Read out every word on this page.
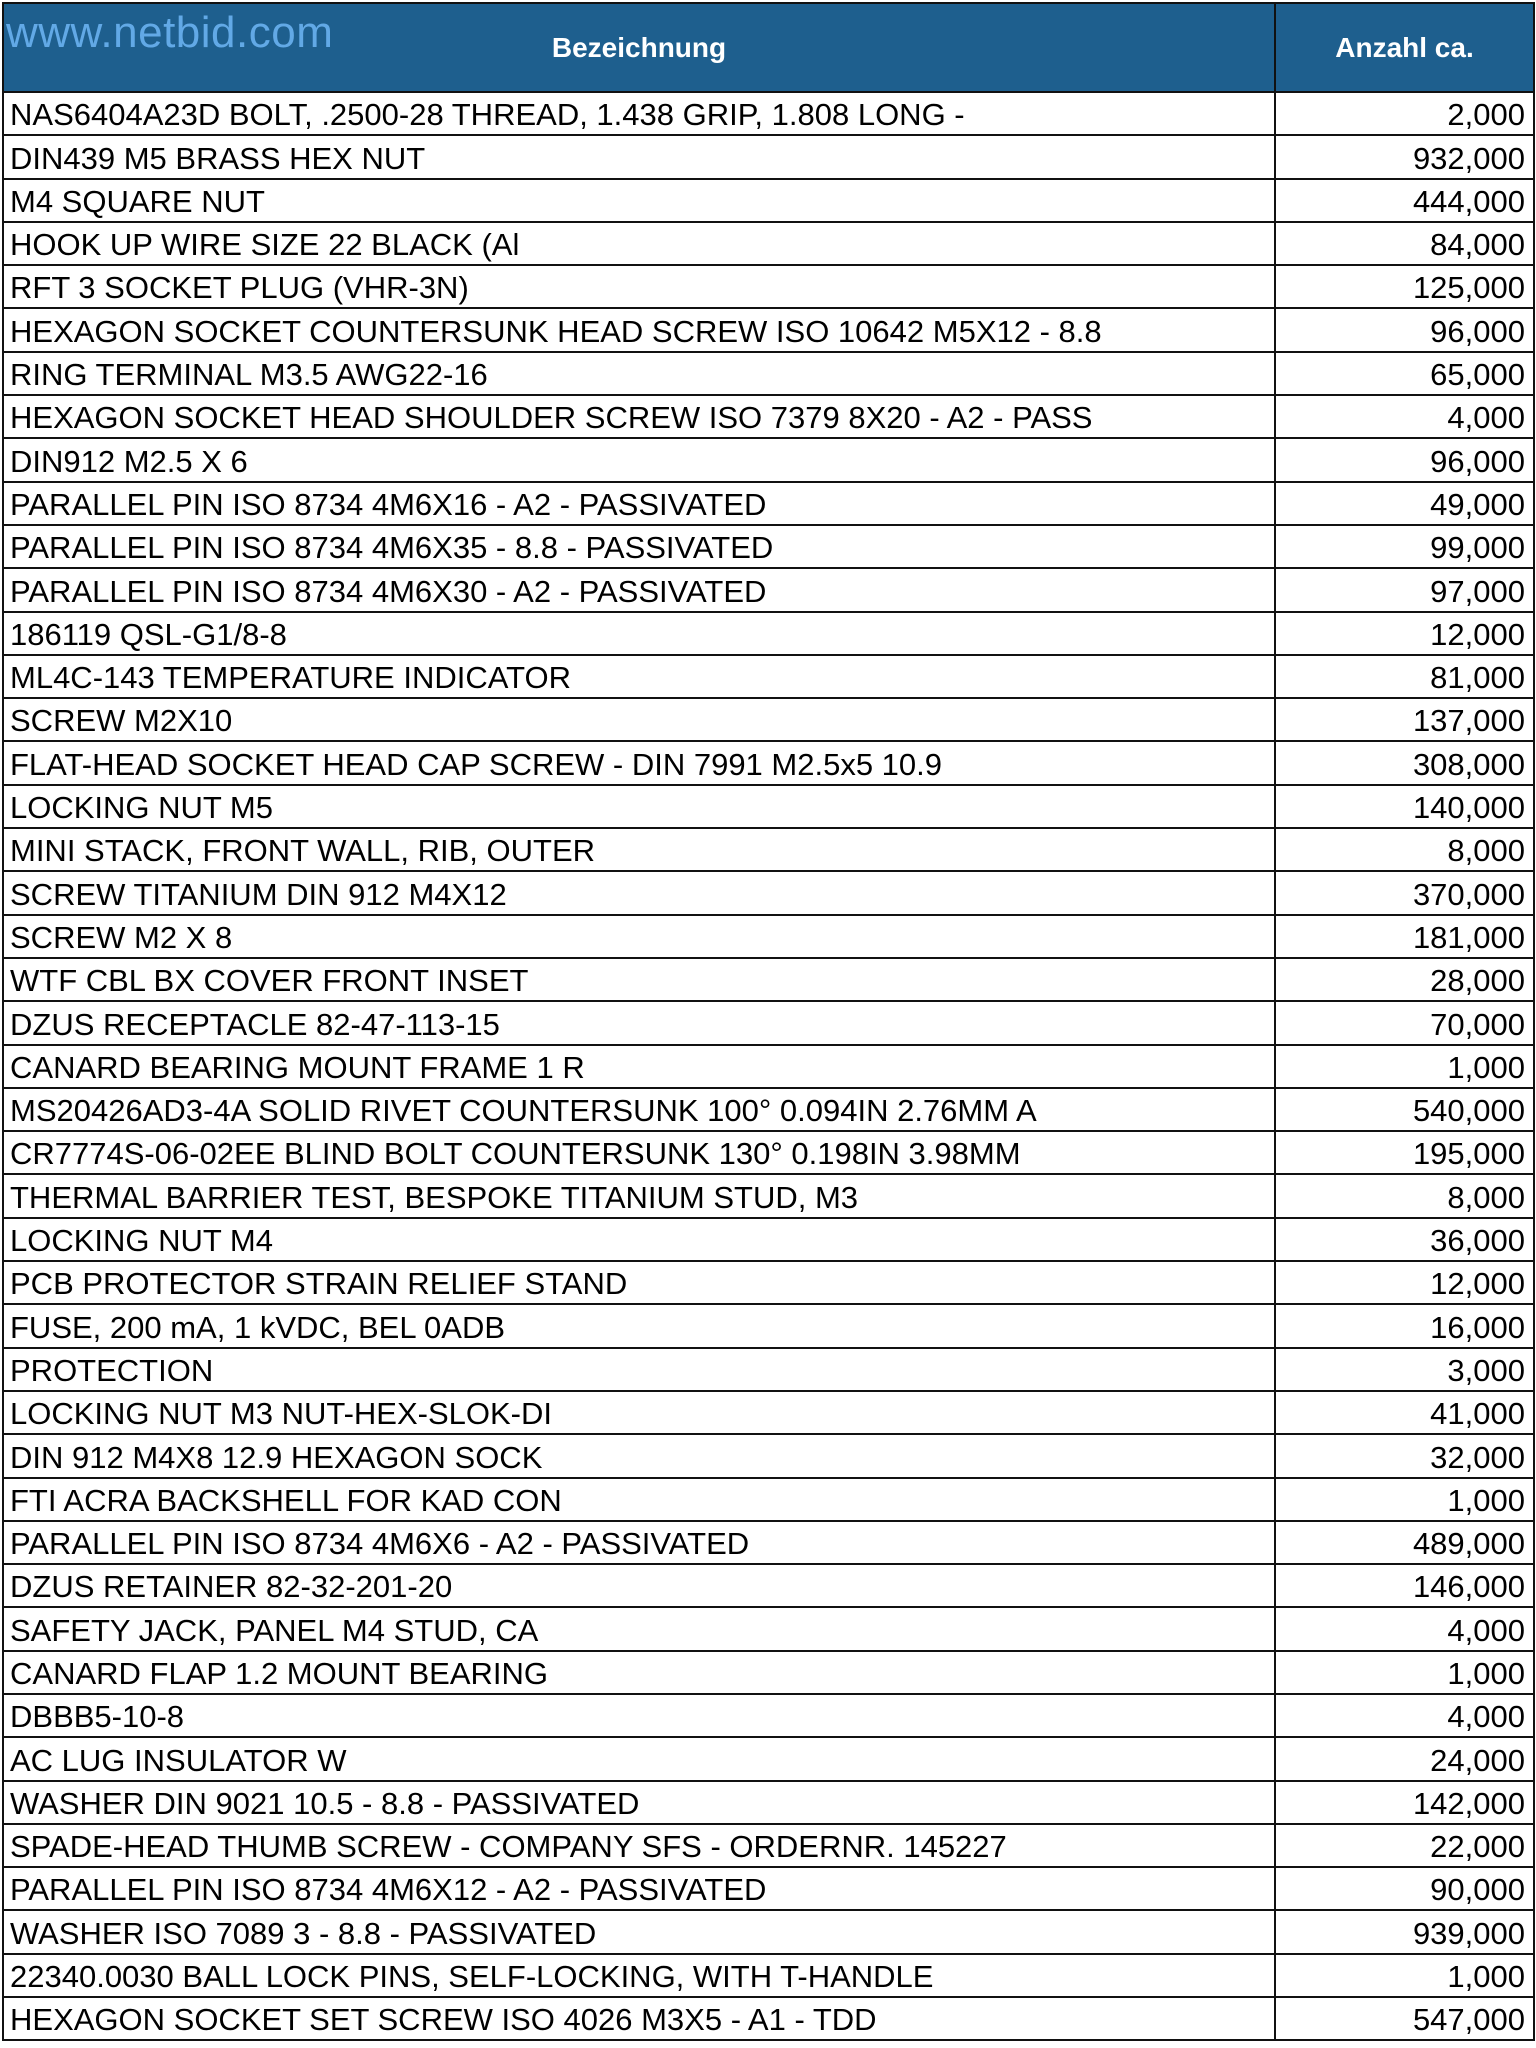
www.netbid.com	Bezeichnung	Anzahl ca.
NAS6404A23D BOLT, .2500-28 THREAD, 1.438 GRIP, 1.808 LONG -	2,000
DIN439 M5 BRASS HEX NUT	932,000
M4 SQUARE NUT	444,000
HOOK UP WIRE SIZE 22 BLACK (Al	84,000
RFT 3 SOCKET PLUG (VHR-3N)	125,000
HEXAGON SOCKET COUNTERSUNK HEAD SCREW ISO 10642 M5X12 - 8.8	96,000
RING TERMINAL M3.5 AWG22-16	65,000
HEXAGON SOCKET HEAD SHOULDER SCREW ISO 7379 8X20 - A2 - PASS	4,000
DIN912 M2.5 X 6	96,000
PARALLEL PIN ISO 8734 4M6X16 - A2 - PASSIVATED	49,000
PARALLEL PIN ISO 8734 4M6X35 - 8.8 - PASSIVATED	99,000
PARALLEL PIN ISO 8734 4M6X30 - A2 - PASSIVATED	97,000
186119 QSL-G1/8-8	12,000
ML4C-143 TEMPERATURE INDICATOR	81,000
SCREW M2X10	137,000
FLAT-HEAD SOCKET HEAD CAP SCREW - DIN 7991 M2.5x5 10.9	308,000
LOCKING NUT M5	140,000
MINI STACK, FRONT WALL, RIB, OUTER	8,000
SCREW TITANIUM DIN 912 M4X12	370,000
SCREW M2 X 8	181,000
WTF CBL BX COVER FRONT INSET	28,000
DZUS RECEPTACLE 82-47-113-15	70,000
CANARD BEARING MOUNT FRAME 1 R	1,000
MS20426AD3-4A SOLID RIVET COUNTERSUNK 100° 0.094IN 2.76MM A	540,000
CR7774S-06-02EE BLIND BOLT COUNTERSUNK 130° 0.198IN 3.98MM	195,000
THERMAL BARRIER TEST, BESPOKE TITANIUM STUD, M3	8,000
LOCKING NUT M4	36,000
PCB PROTECTOR STRAIN RELIEF STAND	12,000
FUSE, 200 mA, 1 kVDC, BEL 0ADB	16,000
PROTECTION	3,000
LOCKING NUT M3 NUT-HEX-SLOK-DI	41,000
DIN 912 M4X8 12.9 HEXAGON SOCK	32,000
FTI ACRA BACKSHELL FOR KAD CON	1,000
PARALLEL PIN ISO 8734 4M6X6 - A2 - PASSIVATED	489,000
DZUS RETAINER 82-32-201-20	146,000
SAFETY JACK, PANEL M4 STUD, CA	4,000
CANARD FLAP 1.2 MOUNT BEARING	1,000
DBBB5-10-8	4,000
AC LUG INSULATOR W	24,000
WASHER DIN 9021 10.5 - 8.8 - PASSIVATED	142,000
SPADE-HEAD THUMB SCREW - COMPANY SFS - ORDERNR. 145227	22,000
PARALLEL PIN ISO 8734 4M6X12 - A2 - PASSIVATED	90,000
WASHER ISO 7089 3 - 8.8 - PASSIVATED	939,000
22340.0030 BALL LOCK PINS, SELF-LOCKING, WITH T-HANDLE	1,000
HEXAGON SOCKET SET SCREW ISO 4026 M3X5 - A1 - TDD	547,000
